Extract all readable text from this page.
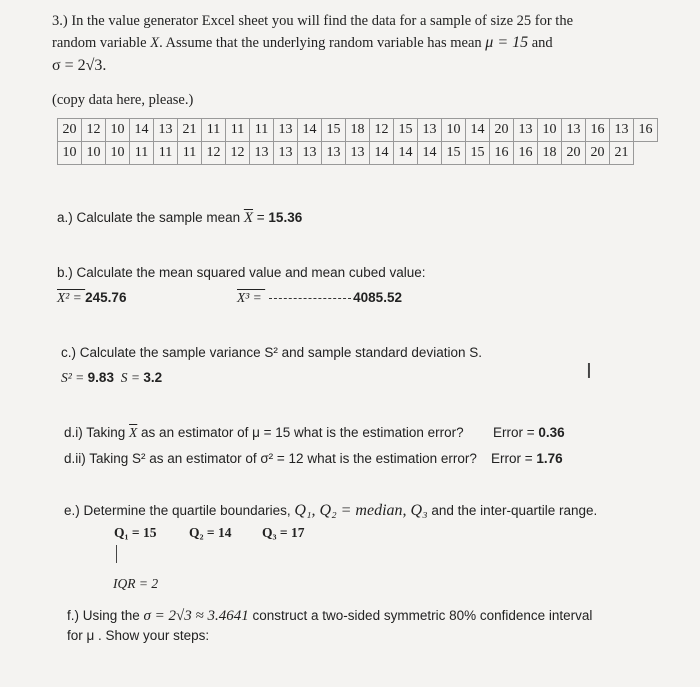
3.) In the value generator Excel sheet you will find the data for a sample of size 25 for the
random variable X. Assume that the underlying random variable has mean μ = 15 and
σ = 2√3.
(copy data here, please.)
20	12	10	14	13	21	11	11	11	13	14	15	18	12	15	13	10	14	20	13	10	13	16	13	16
10	10	10	11	11	11	12	12	13	13	13	13	13	14	14	14	15	15	16	16	18	20	20	21	
a.) Calculate the sample mean $\overline{X} = 15.36$
b.) Calculate the mean squared value and mean cubed value:
X² = 245.76	X³ =	4085.52
c.) Calculate the sample variance S² and sample standard deviation S.
S² = 9.83 S = 3.2	Ι
d.i) Taking $\overline{X}$ as an estimator of μ = 15 what is the estimation error? Error = 0.36
d.ii) Taking S² as an estimator of σ² = 12 what is the estimation error? Error = 1.76
e.) Determine the quartile boundaries, Q₁, Q₂ = median, Q₃ and the inter-quartile range.
Q₁ = 15 Q₂ = 14 Q₃ = 17
IQR = 2
f.) Using the σ = 2√3 ≈ 3.4641 construct a two-sided symmetric 80% confidence interval
for μ . Show your steps:
